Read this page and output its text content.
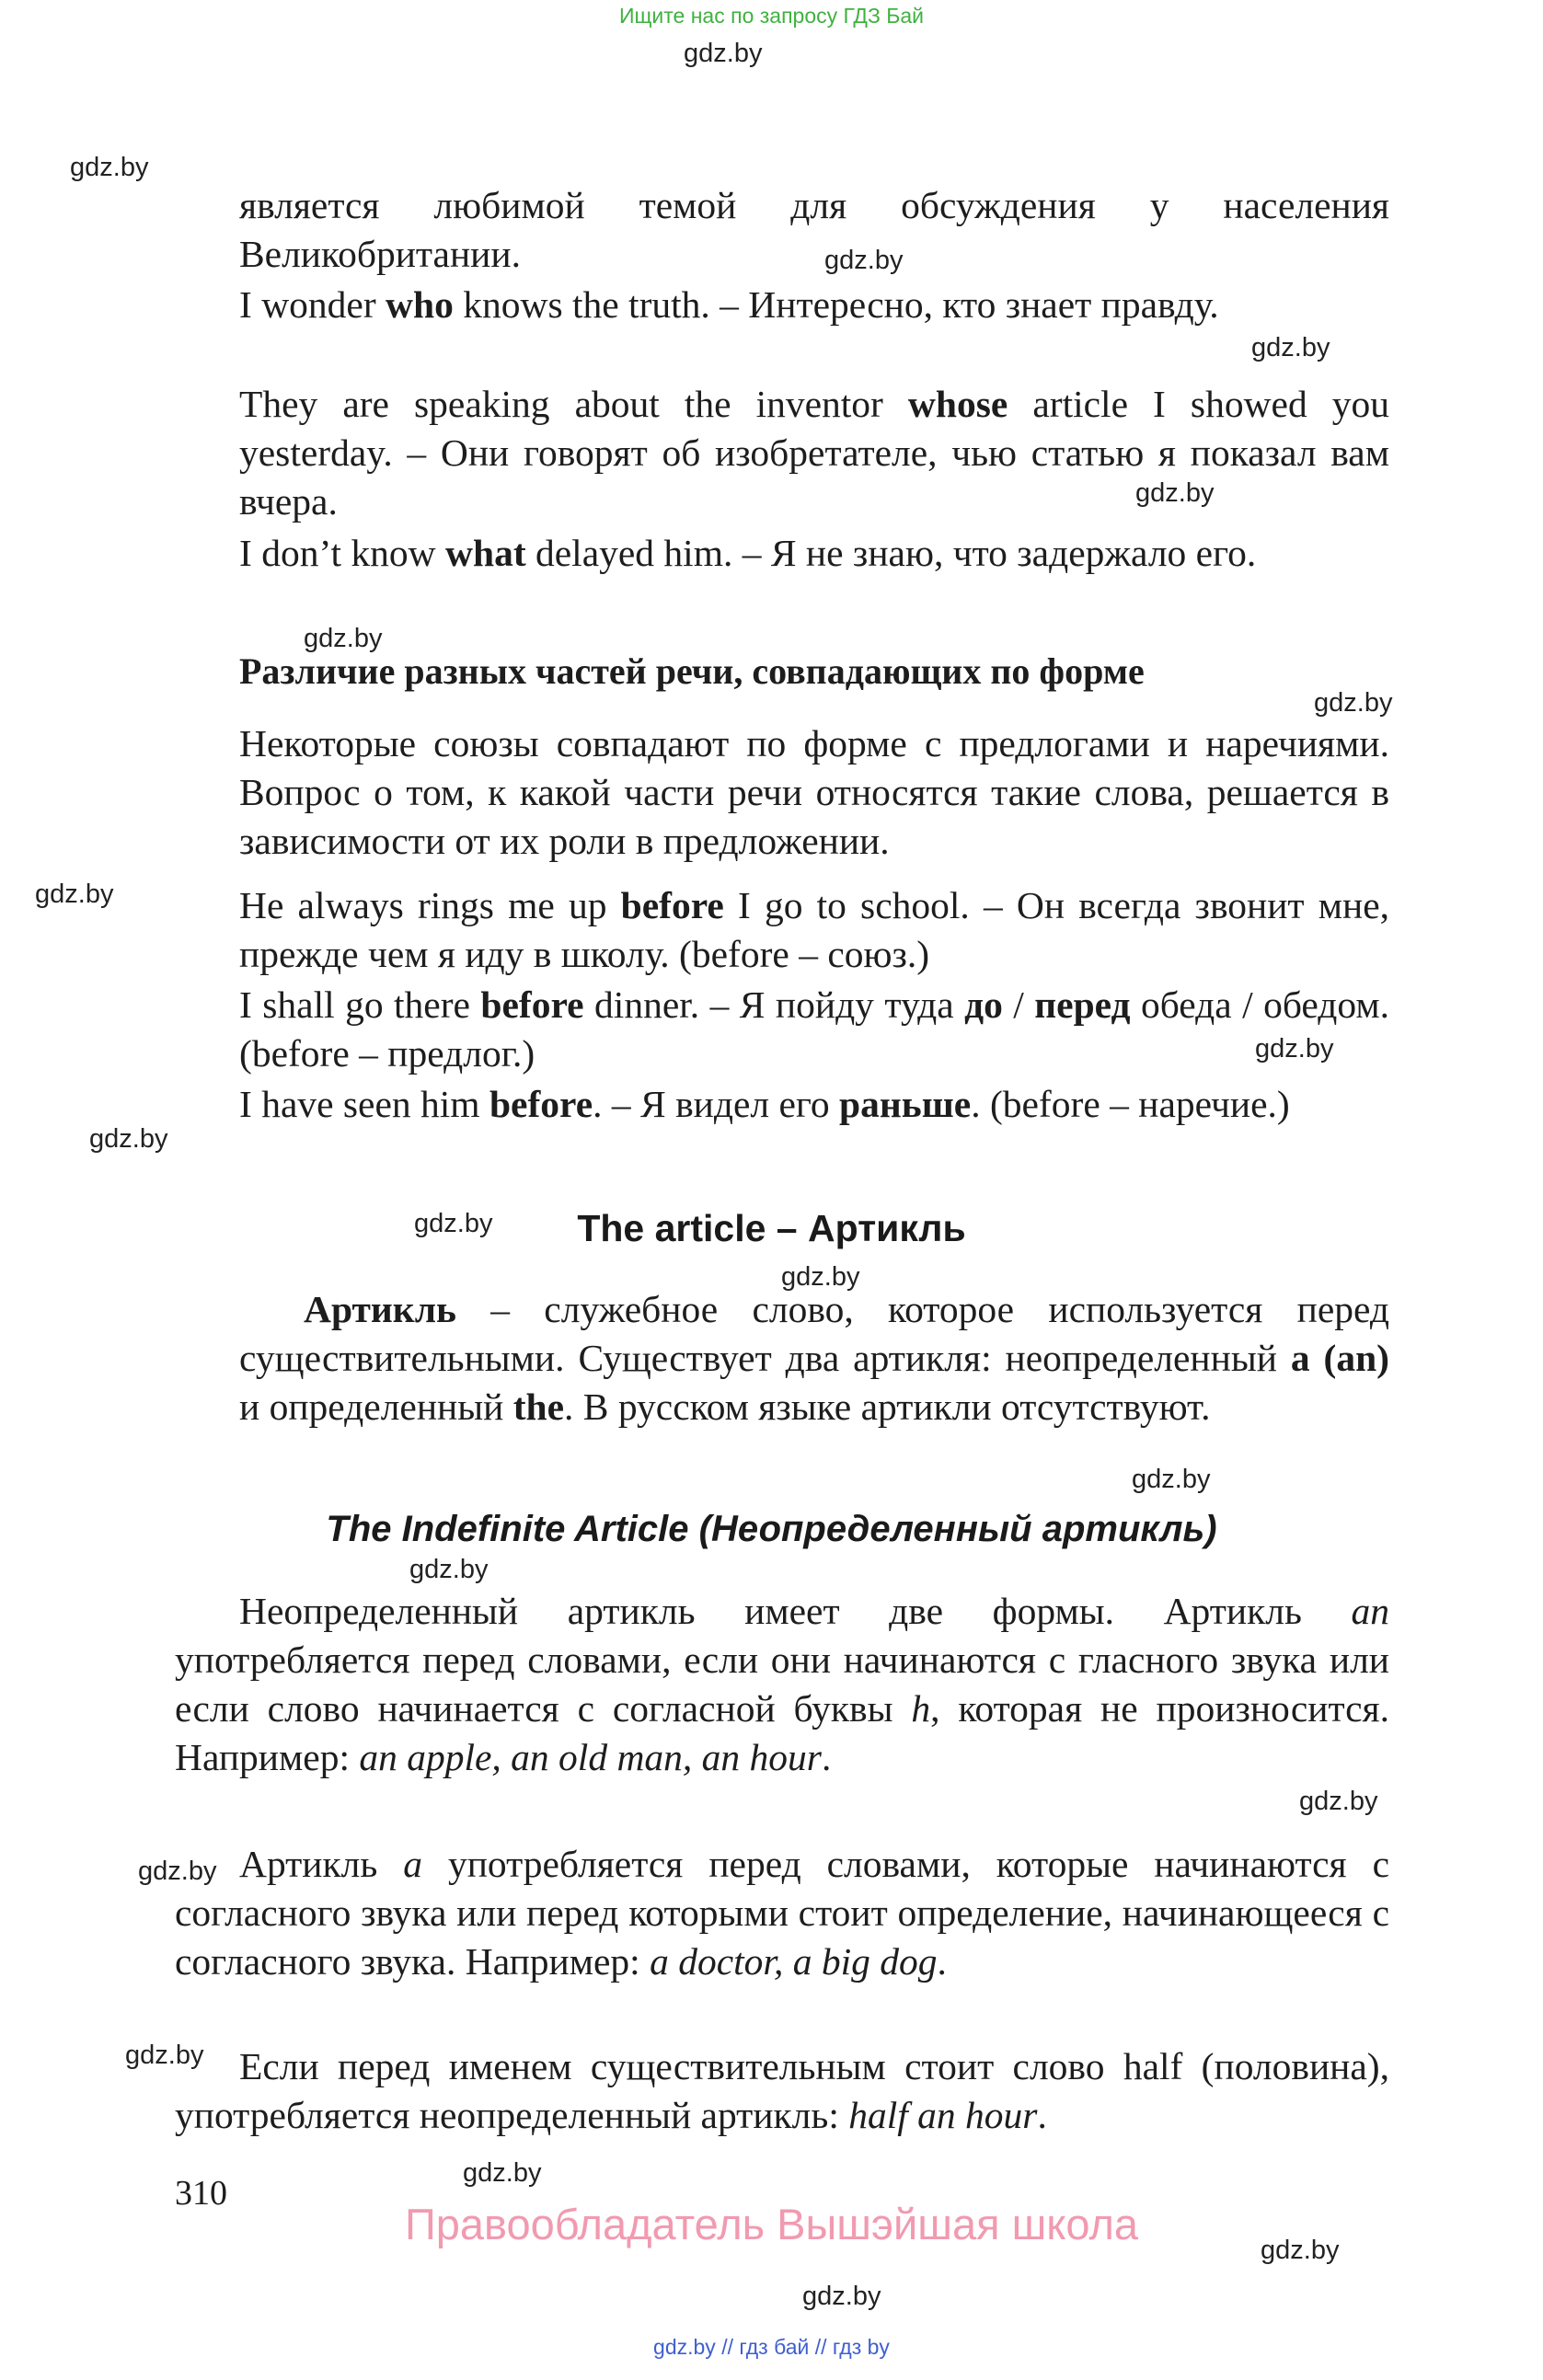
Ищите нас по запросу ГДЗ Бай
gdz.by
gdz.by
gdz.by
gdz.by
gdz.by
gdz.by
gdz.by
gdz.by
gdz.by
gdz.by
gdz.by
gdz.by
gdz.by
gdz.by
gdz.by
gdz.by
gdz.by
gdz.by
gdz.by
gdz.by
является любимой темой для обсуждения у населения Великобритании.
I wonder who knows the truth. – Интересно, кто знает правду.
They are speaking about the inventor whose article I showed you yesterday. – Они говорят об изобретателе, чью статью я показал вам вчера.
I don’t know what delayed him. – Я не знаю, что задержало его.
Различие разных частей речи, совпадающих по форме
Некоторые союзы совпадают по форме с предлогами и наречиями. Вопрос о том, к какой части речи относятся такие слова, решается в зависимости от их роли в предложении.
He always rings me up before I go to school. – Он всегда звонит мне, прежде чем я иду в школу. (before – союз.)
I shall go there before dinner. – Я пойду туда до / перед обеда / обедом. (before – предлог.)
I have seen him before. – Я видел его раньше. (before – наречие.)
The article – Артикль
Артикль – служебное слово, которое используется перед существительными. Существует два артикля: неопределенный a (an) и определенный the. В русском языке артикли отсутствуют.
The Indefinite Article (Неопределенный артикль)
Неопределенный артикль имеет две формы. Артикль an употребляется перед словами, если они начинаются с гласного звука или если слово начинается с согласной буквы h, которая не произносится. Например: an apple, an old man, an hour.
Артикль a употребляется перед словами, которые начинаются с согласного звука или перед которыми стоит определение, начинающееся с согласного звука. Например: a doctor, a big dog.
Если перед именем существительным стоит слово half (половина), употребляется неопределенный артикль: half an hour.
310
Правообладатель Вышэйшая школа
gdz.by // гдз бай // гдз by
